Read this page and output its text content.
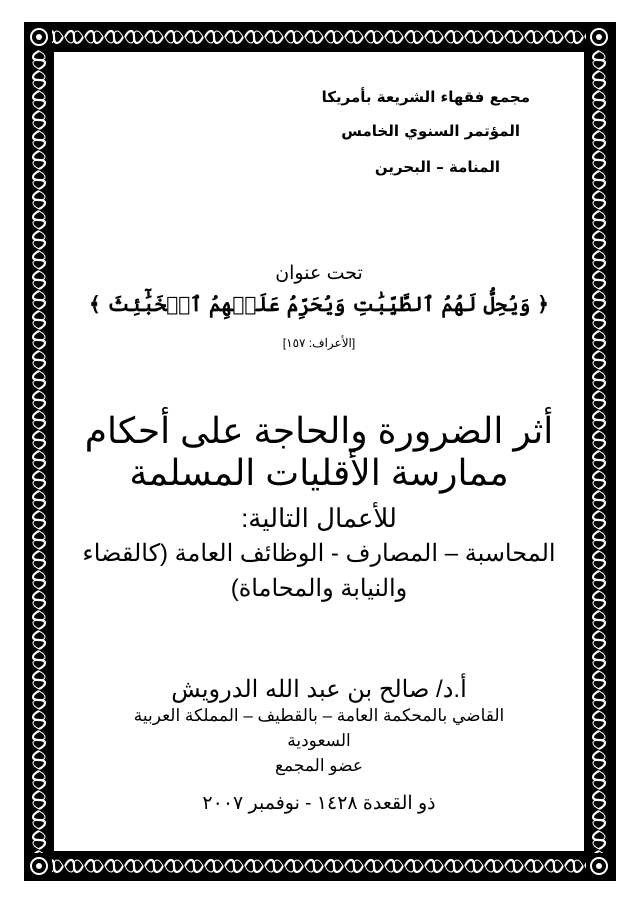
مجمع فقهاء الشريعة بأمريكا
المؤتمر السنوي الخامس
المنامة – البحرين
تحت عنوان
﴿ وَيُحِلُّ لَهُمُ ٱلطَّيِّبَٰتِ وَيُحَرِّمُ عَلَيۡهِمُ ٱلۡخَبَٰٓئِثَ ﴾
[الأعراف: ١٥٧]
أثر الضرورة والحاجة على أحكام
ممارسة الأقليات المسلمة
للأعمال التالية:
المحاسبة – المصارف - الوظائف العامة (كالقضاء
والنيابة والمحاماة)
أ.د/ صالح بن عبد الله الدرويش
القاضي بالمحكمة العامة – بالقطيف – المملكة العربية
السعودية
عضو المجمع
ذو القعدة ١٤٢٨ - نوفمبر ٢٠٠٧
